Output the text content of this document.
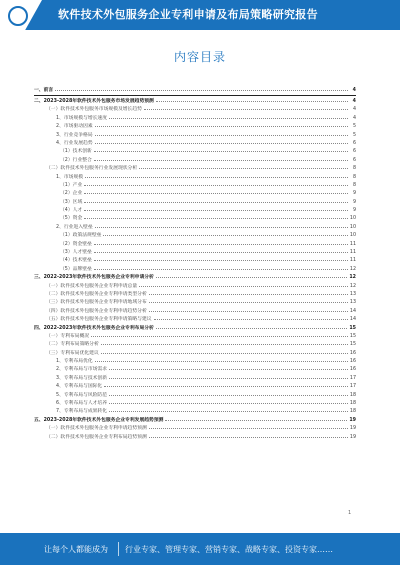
软件技术外包服务企业专利申请及布局策略研究报告
内容目录
一、前言	4
二、2023-2028年软件技术外包服务市场发展趋势预测	4
（一）软件技术外包服务市场规模及增长趋势	4
1、市场规模与增长速度	4
2、市场驱动因素	5
3、行业竞争格局	5
4、行业发展趋势	6
（1）技术创新	6
（2）行业整合	6
（二）软件技术外包服务行业发展现状分析	8
1、市场规模	8
（1）产业	8
（2）企业	9
（3）区域	9
（4）人才	9
（5）资金	10
2、行业进入壁垒	10
（1）政策法规壁垒	10
（2）资金壁垒	11
（3）人才壁垒	11
（4）技术壁垒	11
（5）品牌壁垒	12
三、2022-2023年软件技术外包服务企业专利申请分析	12
（一）软件技术外包服务企业专利申请总量	12
（二）软件技术外包服务企业专利申请类型分析	13
（三）软件技术外包服务企业专利申请地域分布	13
（四）软件技术外包服务企业专利申请趋势分析	14
（五）软件技术外包服务企业专利申请策略与建议	14
四、2022-2023年软件技术外包服务企业专利布局分析	15
（一）专利布局概况	15
（二）专利布局策略分析	15
（三）专利布局优化建议	16
1、专利布局优化	16
2、专利布局与市场需求	16
3、专利布局与技术创新	17
4、专利布局与国际化	17
5、专利布局与风险防范	18
6、专利布局与人才培养	18
7、专利布局与成果转化	18
五、2023-2028年软件技术外包服务企业专利发展趋势预测	19
（一）软件技术外包服务企业专利申请趋势预测	19
（二）软件技术外包服务企业专利布局趋势预测	19
1
让每个人都能成为	行业专家、管理专家、营销专家、战略专家、投资专家……
